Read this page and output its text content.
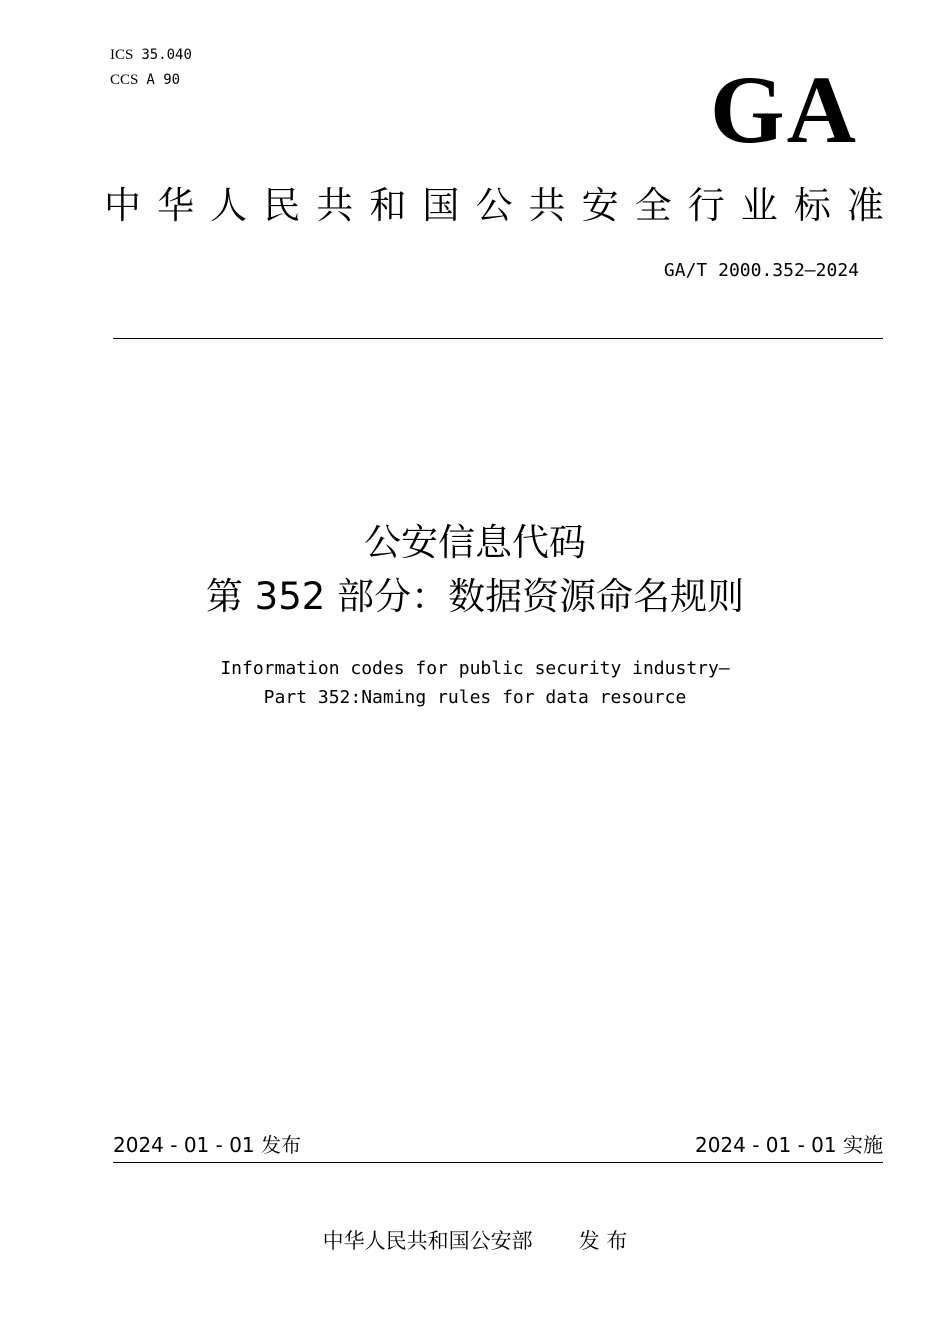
ICS 35.040
CCS A 90	GA
中 华 人 民 共 和 国 公 共 安 全 行 业 标 准
GA/T 2000.352—2024
公安信息代码
第 352 部分：数据资源命名规则
Information codes for public security industry—
Part 352:Naming rules for data resource
2024 - 01 - 01 发布	2024 - 01 - 01 实施
中华人民共和国公安部 发 布
